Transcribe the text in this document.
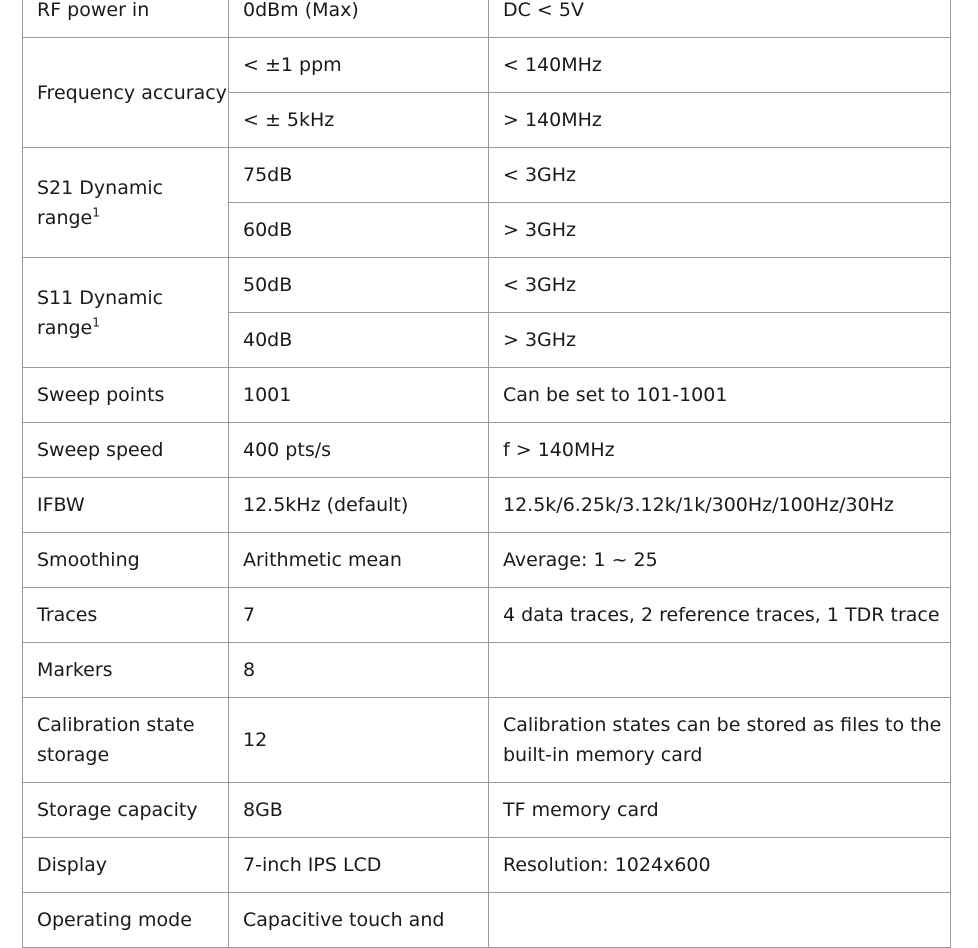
RF power in	0dBm (Max)	DC < 5V
Frequency accuracy	< ±1 ppm	< 140MHz
	< ± 5kHz	> 140MHz
S21 Dynamic range$^1$	75dB	< 3GHz
	60dB	> 3GHz
S11 Dynamic range$^1$	50dB	< 3GHz
	40dB	> 3GHz
Sweep points	1001	Can be set to 101-1001
Sweep speed	400 pts/s	f > 140MHz
IFBW	12.5kHz (default)	12.5k/6.25k/3.12k/1k/300Hz/100Hz/30Hz
Smoothing	Arithmetic mean	Average: 1 ~ 25
Traces	7	4 data traces, 2 reference traces, 1 TDR trace
Markers	8	
Calibration state storage	12	Calibration states can be stored as files to the built-in memory card
Storage capacity	8GB	TF memory card
Display	7-inch IPS LCD	Resolution: 1024x600
Operating mode	Capacitive touch and	
